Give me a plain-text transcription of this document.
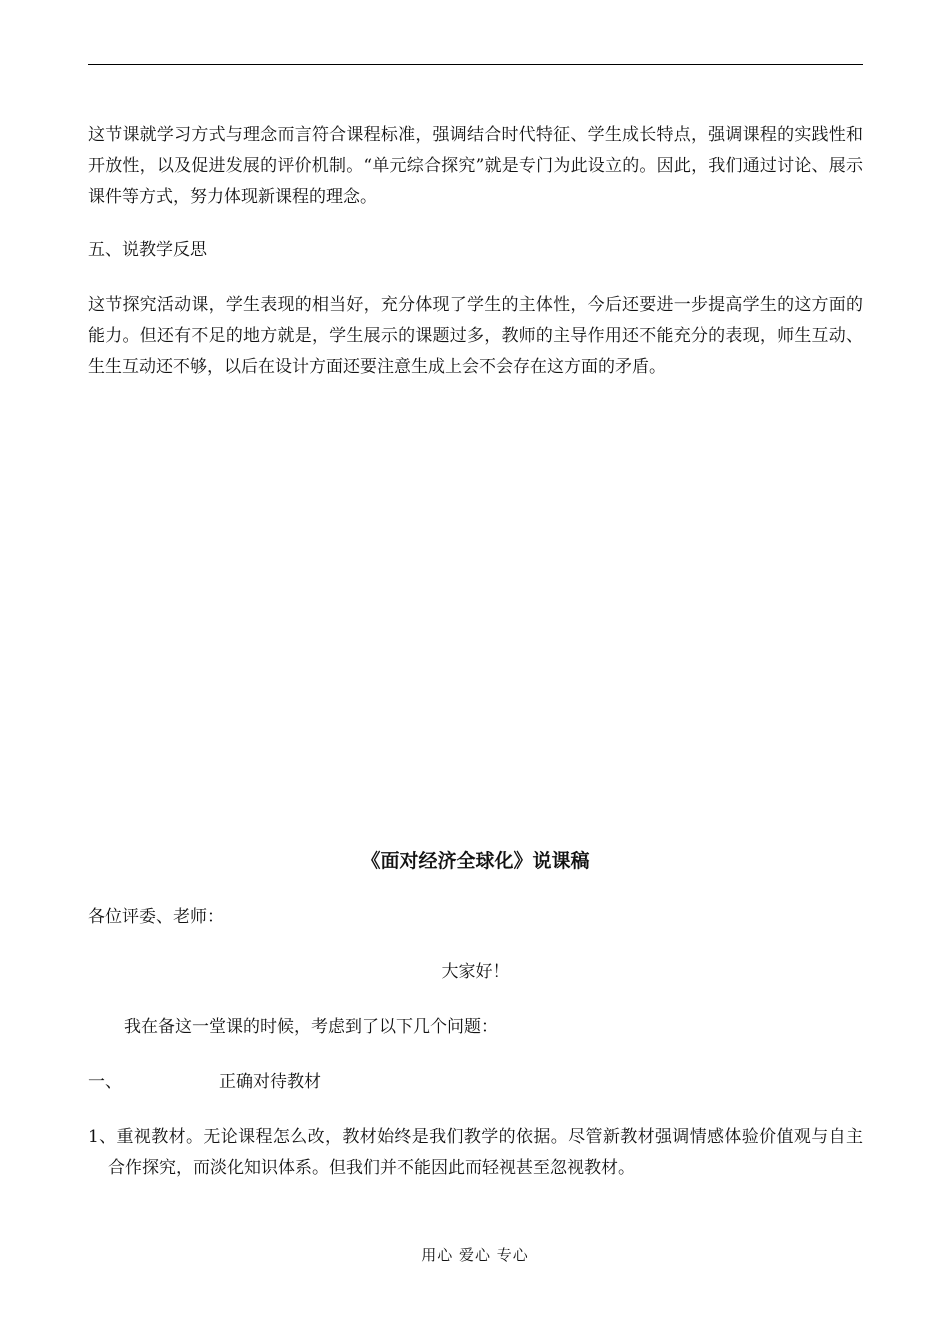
这节课就学习方式与理念而言符合课程标准，强调结合时代特征、学生成长特点，强调课程的实践性和开放性，以及促进发展的评价机制。“单元综合探究”就是专门为此设立的。因此，我们通过讨论、展示课件等方式，努力体现新课程的理念。

五、说教学反思

这节探究活动课，学生表现的相当好，充分体现了学生的主体性，今后还要进一步提高学生的这方面的能力。但还有不足的地方就是，学生展示的课题过多，教师的主导作用还不能充分的表现，师生互动、生生互动还不够，以后在设计方面还要注意生成上会不会存在这方面的矛盾。

《面对经济全球化》说课稿
各位评委、老师：
大家好！
我在备这一堂课的时候，考虑到了以下几个问题：
一、	正确对待教材

1、重视教材。无论课程怎么改，教材始终是我们教学的依据。尽管新教材强调情感体验价值观与自主合作探究，而淡化知识体系。但我们并不能因此而轻视甚至忽视教材。

用心 爱心 专心
